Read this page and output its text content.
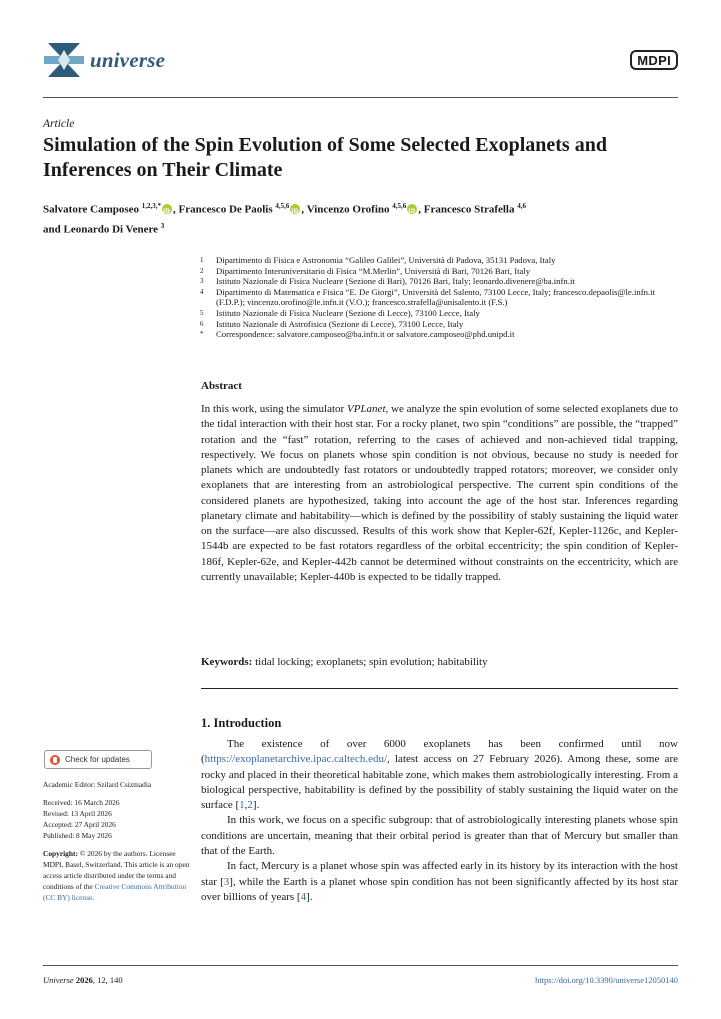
universe	MDPI
Article
Simulation of the Spin Evolution of Some Selected Exoplanets and Inferences on Their Climate
Salvatore Camposeo $^{1,2,3,*}$ iD , Francesco De Paolis $^{4,5,6}$ iD , Vincenzo Orofino $^{4,5,6}$ iD , Francesco Strafella $^{4,6}$
and Leonardo Di Venere $^3$
1	Dipartimento di Fisica e Astronomia “Galileo Galilei”, Università di Padova, 35131 Padova, Italy
2	Dipartimento Interuniversitario di Fisica “M.Merlin”, Università di Bari, 70126 Bari, Italy
3	Istituto Nazionale di Fisica Nucleare (Sezione di Bari), 70126 Bari, Italy; leonardo.divenere@ba.infn.it
4	Dipartimento di Matematica e Fisica “E. De Giorgi”, Università del Salento, 73100 Lecce, Italy; francesco.depaolis@le.infn.it (F.D.P.); vincenzo.orofino@le.infn.it (V.O.); francesco.strafella@unisalento.it (F.S.)
5	Istituto Nazionale di Fisica Nucleare (Sezione di Lecce), 73100 Lecce, Italy
6	Istituto Nazionale di Astrofisica (Sezione di Lecce), 73100 Lecce, Italy
*	Correspondence: salvatore.camposeo@ba.infn.it or salvatore.camposeo@phd.unipd.it
Abstract
In this work, using the simulator VPLanet, we analyze the spin evolution of some selected exoplanets due to the tidal interaction with their host star. For a rocky planet, two spin “conditions” are possible, the “trapped” rotation and the “fast” rotation, referring to the cases of achieved and non-achieved tidal trapping, respectively. We focus on planets whose spin condition is not obvious, because no study is needed for planets which are undoubtedly fast rotators or undoubtedly trapped rotators; moreover, we consider only exoplanets that are interesting from an astrobiological perspective. The current spin conditions of the considered planets are hypothesized, taking into account the age of the host star. Inferences regarding planetary climate and habitability—which is defined by the possibility of stably sustaining the liquid water on the surface—are also discussed. Results of this work show that Kepler-62f, Kepler-1126c, and Kepler-1544b are expected to be fast rotators regardless of the orbital eccentricity; the spin condition of Kepler-186f, Kepler-62e, and Kepler-442b cannot be determined without constraints on the eccentricity, which are currently unavailable; Kepler-440b is expected to be tidally trapped.
Keywords: tidal locking; exoplanets; spin evolution; habitability
1. Introduction

The existence of over 6000 exoplanets has been confirmed until now (https://exoplanetarchive.ipac.caltech.edu/, latest access on 27 February 2026). Among these, some are rocky and placed in their theoretical habitable zone, which makes them astrobiologically interesting. From a biological perspective, habitability is defined by the possibility of stably sustaining the liquid water on the surface [1,2].

In this work, we focus on a specific subgroup: that of astrobiologically interesting planets whose spin conditions are uncertain, meaning that their orbital period is greater than that of Mercury but smaller than that of the Earth.

In fact, Mercury is a planet whose spin was affected early in its history by its interaction with the host star [3], while the Earth is a planet whose spin condition has not been significantly affected by its host star over billions of years [4].

Check for updates
Academic Editor: Szilard Csizmadia
Received: 16 March 2026
Revised: 13 April 2026
Accepted: 27 April 2026
Published: 8 May 2026
Copyright: © 2026 by the authors. Licensee MDPI, Basel, Switzerland. This article is an open access article distributed under the terms and conditions of the Creative Commons Attribution (CC BY) license.
Universe 2026, 12, 140	https://doi.org/10.3390/universe12050140
